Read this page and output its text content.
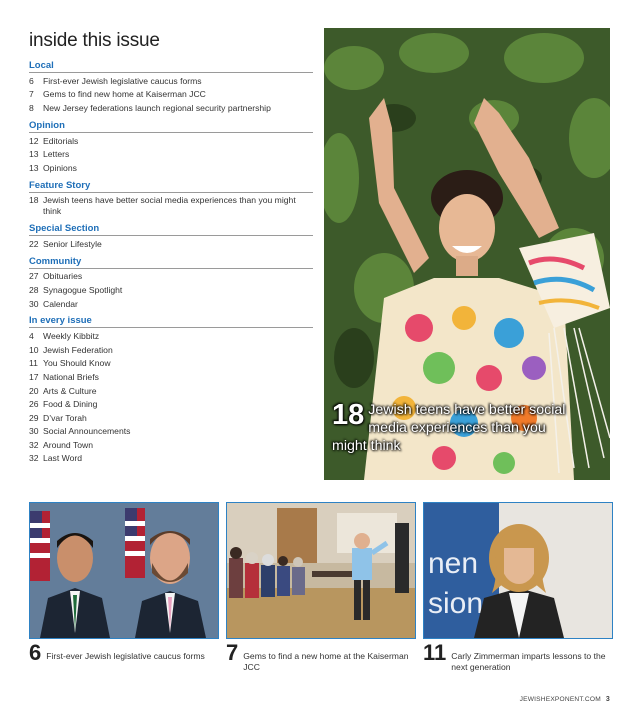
inside this issue
Local
6	First-ever Jewish legislative caucus forms
7	Gems to find new home at Kaiserman JCC
8	New Jersey federations launch regional security partnership
Opinion
12 Editorials
13 Letters
13 Opinions
Feature Story
18 Jewish teens have better social media experiences than you might think
Special Section
22 Senior Lifestyle
Community
27 Obituaries
28 Synagogue Spotlight
30 Calendar
In every issue
4	Weekly Kibbitz
10 Jewish Federation
11 You Should Know
17 National Briefs
20 Arts & Culture
26 Food & Dining
29 D’var Torah
30 Social Announcements
32 Around Town
32 Last Word
18 Jewish teens have better social media experiences than you might think
nen
sion
6 First-ever Jewish legislative caucus forms 7 Gems to find a new home at the Kaiserman JCC
11 Carly Zimmerman imparts lessons to the next generation
JEWISHEXPONENT.COM 3
